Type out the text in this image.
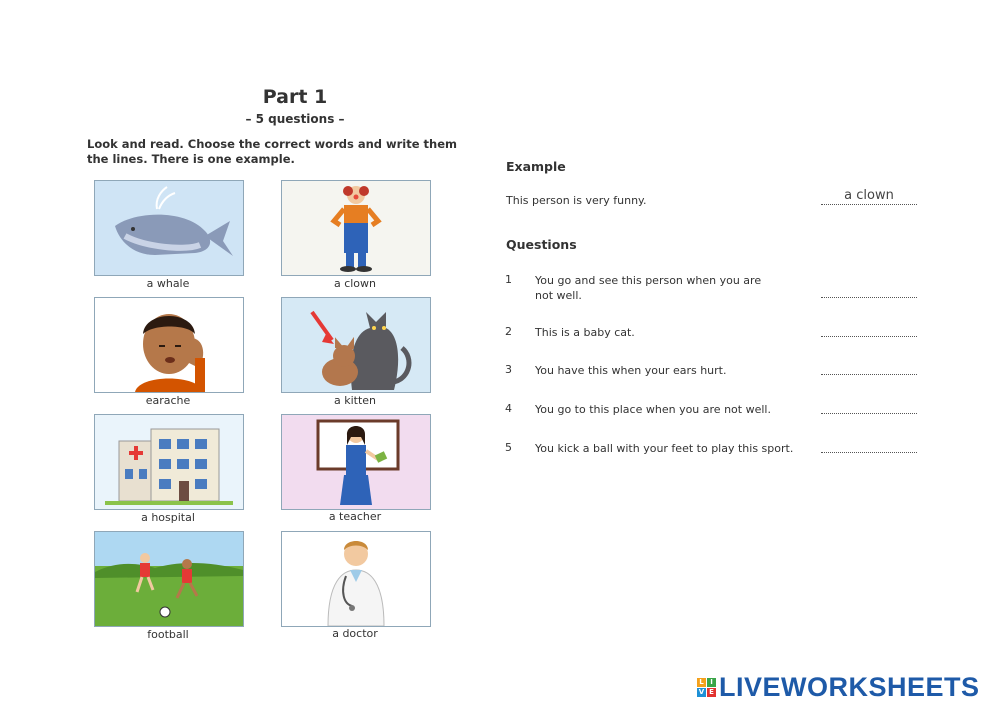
Part 1
– 5 questions –
Look and read. Choose the correct words and write them the lines. There is one example.
a whale	a clown
earache	a kitten
a hospital	a teacher
football	a doctor
Example
This person is very funny.	a clown
Questions
1 You go and see this person when you are not well.
2 This is a baby cat.
3 You have this when your ears hurt.
4 You go to this place when you are not well.
5 You kick a ball with your feet to play this sport.
L I
V E LIVEWORKSHEETS
